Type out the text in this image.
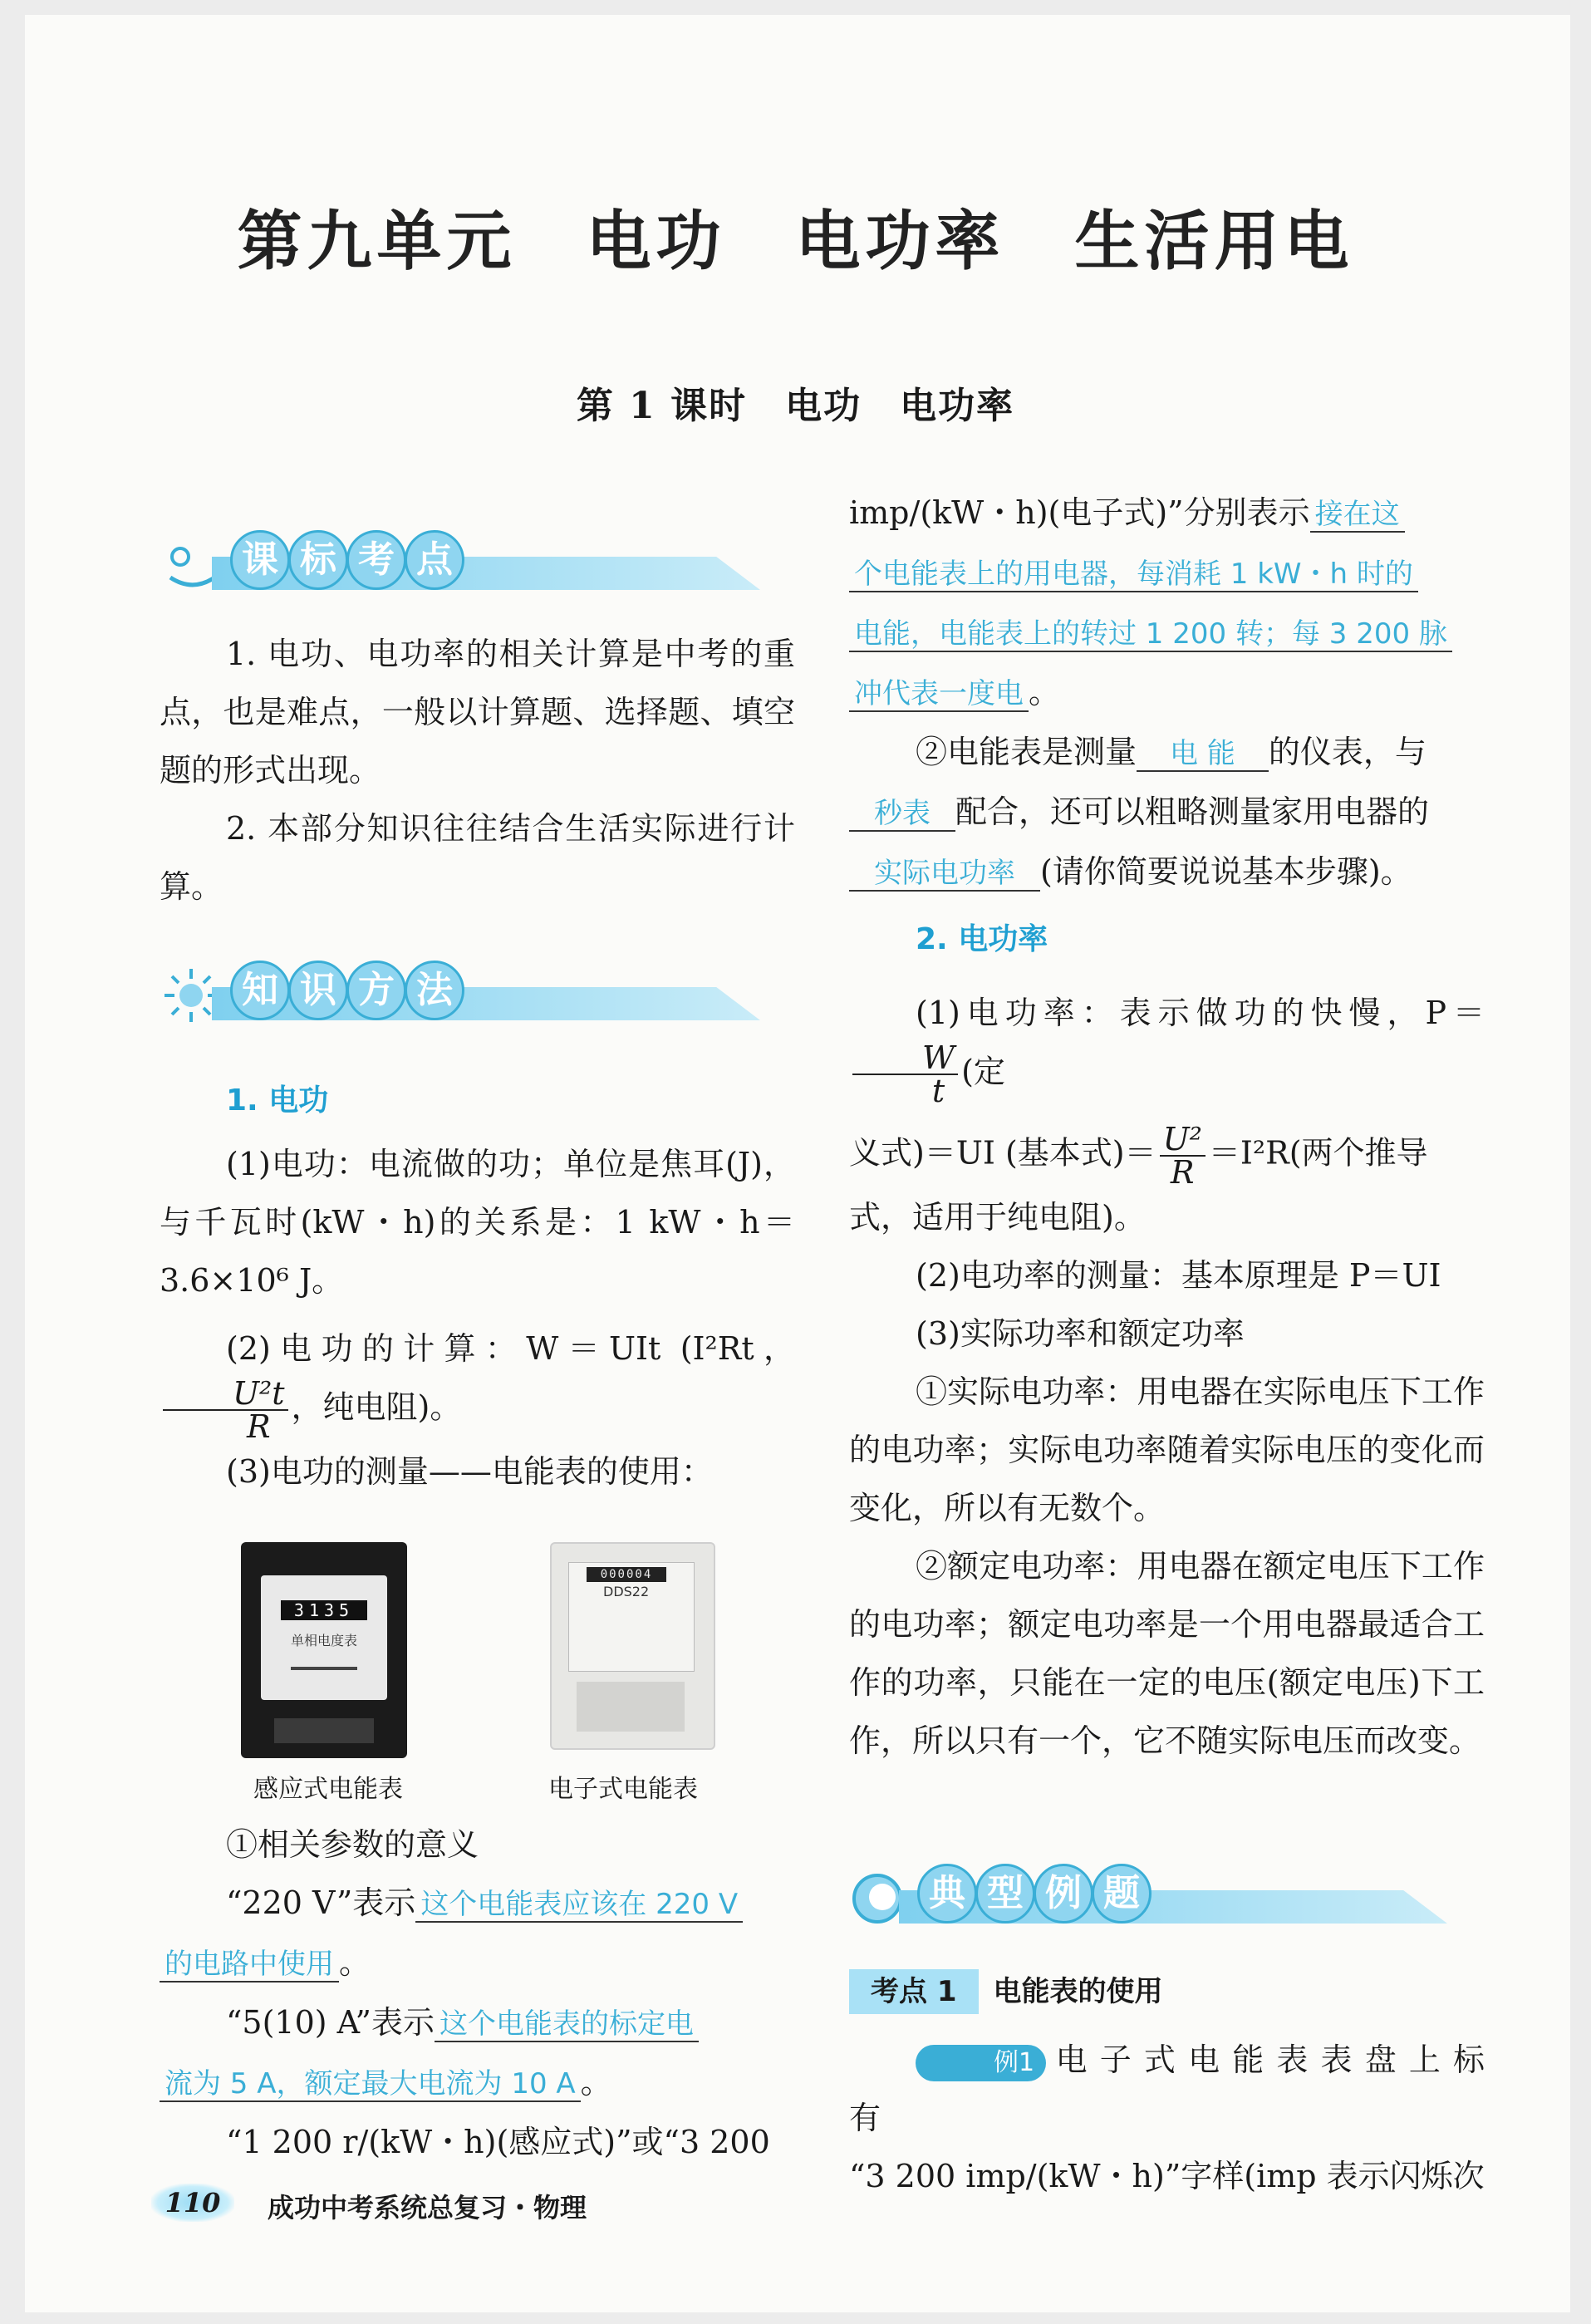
第九单元　电功　电功率　生活用电
第 1 课时　电功　电功率
课 标 考 点
知 识 方 法

1. 电功、电功率的相关计算是中考的重点，也是难点，一般以计算题、选择题、填空题的形式出现。

2. 本部分知识往往结合生活实际进行计算。

1. 电功

(1)电功：电流做的功；单位是焦耳(J)，与千瓦时(kW・h)的关系是：1 kW・h＝3.6×10⁶ J。

(2)电功的计算：W＝UIt (I²Rt，
$\frac{\text{U²t}}{R}$ ，纯电阻)。

(3)电功的测量——电能表的使用：

3135
单相电度表
DDS22
000004
感应式电能表	电子式电能表

①相关参数的意义

“220 V”表示 这个电能表应该在 220 V

的电路中使用 。

“5(10) A”表示 这个电能表的标定电

流为 5 A，额定最大电流为 10 A 。

“1 200 r/(kW・h)(感应式)”或“3 200

imp/(kW・h)(电子式)”分别表示 接在这

个电能表上的用电器，每消耗 1 kW・h 时的

电能，电能表上的转过 1 200 转；每 3 200 脉

冲代表一度电 。

②电能表是测量 电 能 的仪表，与

秒表 配合，还可以粗略测量家用电器的

实际电功率 (请你简要说说基本步骤)。

2. 电功率

(1)电功率：表示做功的快慢，P＝
$\frac{W}{t}$ (定

义式)＝UI (基本式)＝ $\frac{\text{U²}}{R} =I^2R$(两个推导

式，适用于纯电阻)。

(2)电功率的测量：基本原理是 P＝UI

(3)实际功率和额定功率

①实际电功率：用电器在实际电压下工作的电功率；实际电功率随着实际电压的变化而变化，所以有无数个。

②额定电功率：用电器在额定电压下工作的电功率；额定电功率是一个用电器最适合工作的功率，只能在一定的电压(额定电压)下工作，所以只有一个，它不随实际电压而改变。

典 型 例 题
考点 1 电能表的使用

例1 电 子 式 电 能 表 表 盘 上 标 有

“3 200 imp/(kW・h)”字样(imp 表示闪烁次

110	成功中考系统总复习・物理
